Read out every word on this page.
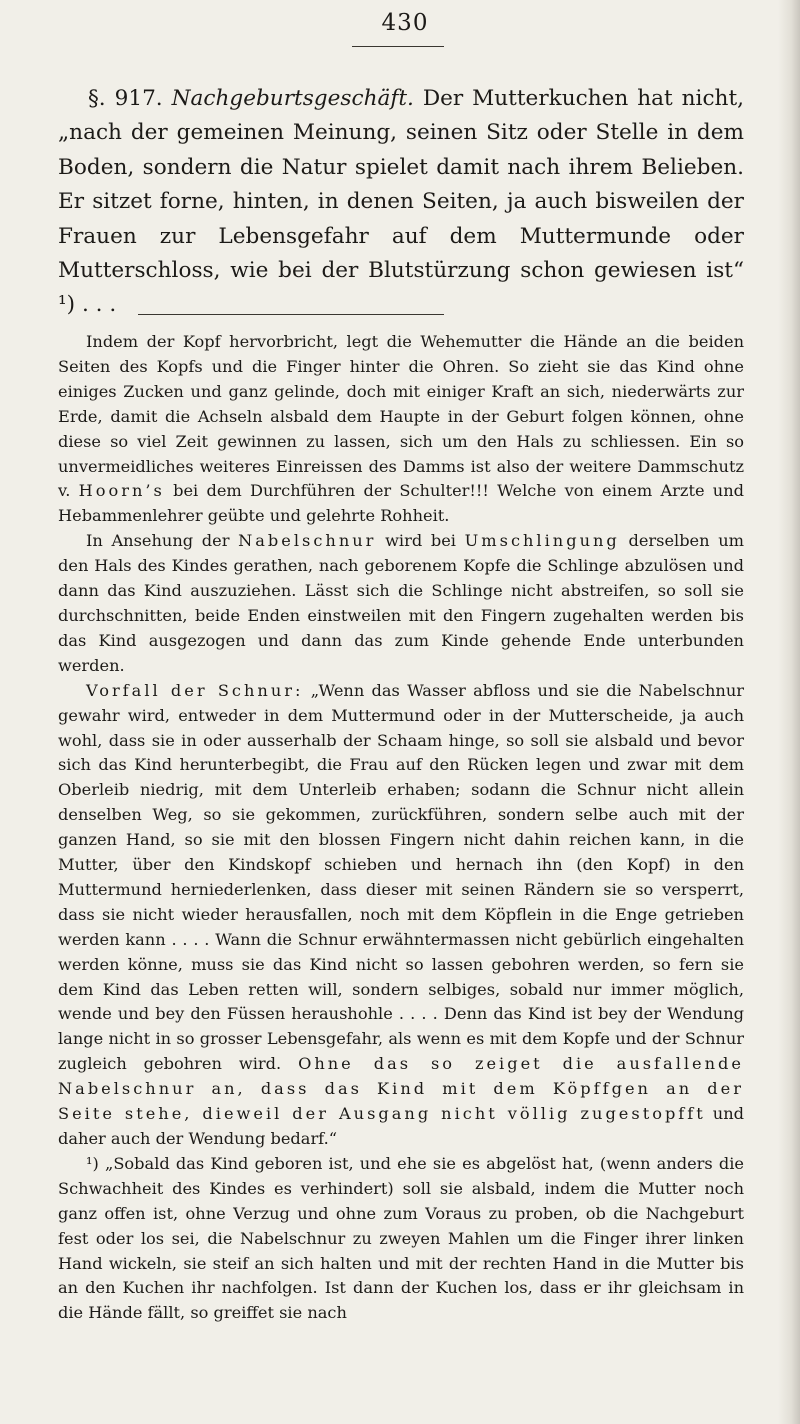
430
§. 917. Nachgeburtsgeschäft. Der Mutterkuchen hat nicht, „nach der gemeinen Meinung, seinen Sitz oder Stelle in dem Boden, sondern die Natur spielet damit nach ihrem Belieben. Er sitzet forne, hinten, in denen Seiten, ja auch bisweilen der Frauen zur Lebensgefahr auf dem Muttermunde oder Mutterschloss, wie bei der Blutstürzung schon gewiesen ist“ ¹) . . .

Indem der Kopf hervorbricht, legt die Wehemutter die Hände an die beiden Seiten des Kopfs und die Finger hinter die Ohren. So zieht sie das Kind ohne einiges Zucken und ganz gelinde, doch mit einiger Kraft an sich, niederwärts zur Erde, damit die Achseln alsbald dem Haupte in der Geburt folgen können, ohne diese so viel Zeit gewinnen zu lassen, sich um den Hals zu schliessen. Ein so unvermeidliches weiteres Einreissen des Damms ist also der weitere Dammschutz v. Hoorn’s bei dem Durchführen der Schulter!!! Welche von einem Arzte und Hebammenlehrer geübte und gelehrte Rohheit.

In Ansehung der Nabelschnur wird bei Umschlingung derselben um den Hals des Kindes gerathen, nach geborenem Kopfe die Schlinge abzulösen und dann das Kind auszuziehen. Lässt sich die Schlinge nicht abstreifen, so soll sie durchschnitten, beide Enden einstweilen mit den Fingern zugehalten werden bis das Kind ausgezogen und dann das zum Kinde gehende Ende unterbunden werden.

Vorfall der Schnur: „Wenn das Wasser abfloss und sie die Nabelschnur gewahr wird, entweder in dem Muttermund oder in der Mutterscheide, ja auch wohl, dass sie in oder ausserhalb der Schaam hinge, so soll sie alsbald und bevor sich das Kind herunterbegibt, die Frau auf den Rücken legen und zwar mit dem Oberleib niedrig, mit dem Unterleib erhaben; sodann die Schnur nicht allein denselben Weg, so sie gekommen, zurückführen, sondern selbe auch mit der ganzen Hand, so sie mit den blossen Fingern nicht dahin reichen kann, in die Mutter, über den Kindskopf schieben und hernach ihn (den Kopf) in den Muttermund herniederlenken, dass dieser mit seinen Rändern sie so versperrt, dass sie nicht wieder herausfallen, noch mit dem Köpflein in die Enge getrieben werden kann . . . . Wann die Schnur erwähntermassen nicht gebürlich eingehalten werden könne, muss sie das Kind nicht so lassen gebohren werden, so fern sie dem Kind das Leben retten will, sondern selbiges, sobald nur immer möglich, wende und bey den Füssen heraushohle . . . . Denn das Kind ist bey der Wendung lange nicht in so grosser Lebensgefahr, als wenn es mit dem Kopfe und der Schnur zugleich gebohren wird. Ohne das so zeiget die ausfallende Nabelschnur an, dass das Kind mit dem Köpffgen an der Seite stehe, dieweil der Ausgang nicht völlig zugestopfft und daher auch der Wendung bedarf.“

¹) „Sobald das Kind geboren ist, und ehe sie es abgelöst hat, (wenn anders die Schwachheit des Kindes es verhindert) soll sie alsbald, indem die Mutter noch ganz offen ist, ohne Verzug und ohne zum Voraus zu proben, ob die Nachgeburt fest oder los sei, die Nabelschnur zu zweyen Mahlen um die Finger ihrer linken Hand wickeln, sie steif an sich halten und mit der rechten Hand in die Mutter bis an den Kuchen ihr nachfolgen. Ist dann der Kuchen los, dass er ihr gleichsam in die Hände fällt, so greiffet sie nach
